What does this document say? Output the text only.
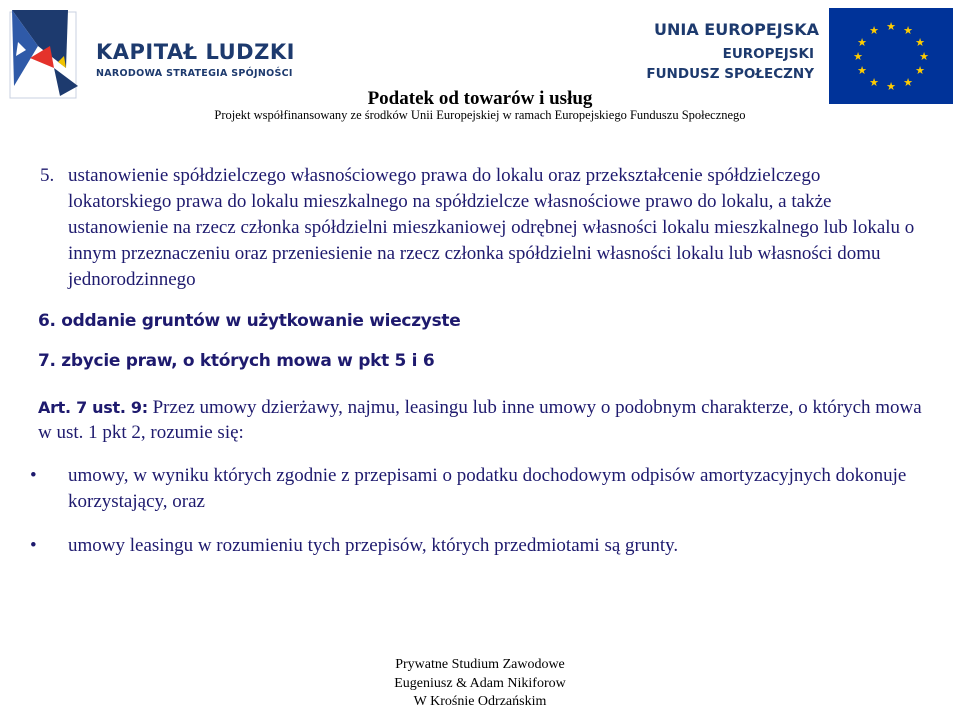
KAPITAŁ LUDZKI
NARODOWA STRATEGIA SPÓJNOŚCI
UNIA EUROPEJSKA
EUROPEJSKI
FUNDUSZ SPOŁECZNY
★ ★
★
★
★
★
★
★
★
★
★
★
Podatek od towarów i usług
Projekt współfinansowany ze środków Unii Europejskiej w ramach Europejskiego Funduszu Społecznego
5. ustanowienie spółdzielczego własnościowego prawa do lokalu oraz przekształcenie spółdzielczego lokatorskiego prawa do lokalu mieszkalnego na spółdzielcze własnościowe prawo do lokalu, a także ustanowienie na rzecz członka spółdzielni mieszkaniowej odrębnej własności lokalu mieszkalnego lub lokalu o innym przeznaczeniu oraz przeniesienie na rzecz członka spółdzielni własności lokalu lub własności domu jednorodzinnego
6. oddanie gruntów w użytkowanie wieczyste
7. zbycie praw, o których mowa w pkt 5 i 6
Art. 7 ust. 9: Przez umowy dzierżawy, najmu, leasingu lub inne umowy o podobnym charakterze, o których mowa w ust. 1 pkt 2, rozumie się:
• umowy, w wyniku których zgodnie z przepisami o podatku dochodowym odpisów amortyzacyjnych dokonuje korzystający, oraz
• umowy leasingu w rozumieniu tych przepisów, których przedmiotami są grunty.
Prywatne Studium Zawodowe
Eugeniusz & Adam Nikiforow
W Krośnie Odrzańskim
